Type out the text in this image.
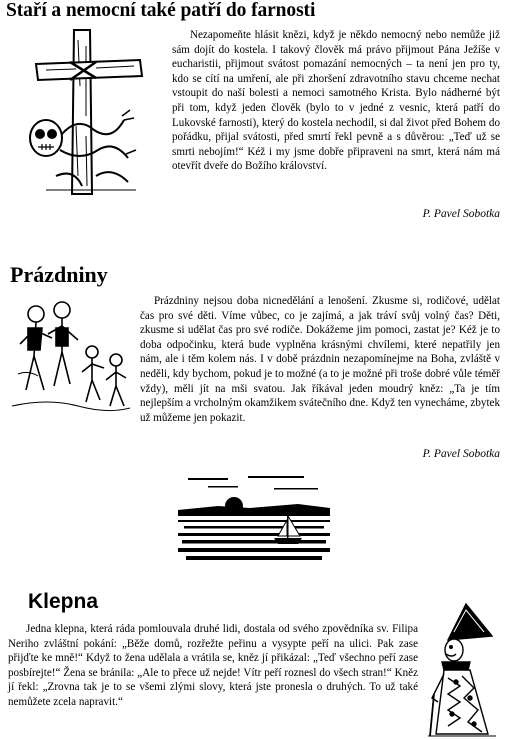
Staří a nemocní také patří do farnosti

Nezapomeňte hlásit knězi, když je někdo nemocný nebo nemůže již sám dojít do kostela. I takový člověk má právo přijmout Pána Ježíše v eucharistii, přijmout svátost pomazání nemocných – ta není jen pro ty, kdo se cítí na umření, ale při zhoršení zdravotního stavu chceme nechat vstoupit do naší bolesti a nemoci samotného Krista. Bylo nádherné být při tom, když jeden člověk (bylo to v jedné z vesnic, která patří do Lukovské farnosti), který do kostela nechodil, si dal život před Bohem do pořádku, přijal svátosti, před smrtí řekl pevně a s důvěrou: „Teď už se smrti nebojím!“ Kéž i my jsme dobře připraveni na smrt, která nám má otevřít dveře do Božího království.

P. Pavel Sobotka

Prázdniny

Prázdniny nejsou doba nicnedělání a lenošení. Zkusme si, rodičové, udělat čas pro své děti. Víme vůbec, co je zajímá, a jak tráví svůj volný čas? Děti, zkusme si udělat čas pro své rodiče. Dokážeme jim pomoci, zastat je? Kéž je to doba odpočinku, která bude vyplněna krásnými chvílemi, které nepatřily jen nám, ale i těm kolem nás. I v době prázdnin nezapomínejme na Boha, zvláště v neděli, kdy bychom, pokud je to možné (a to je možné při troše dobré vůle téměř vždy), měli jít na mši svatou. Jak říkával jeden moudrý kněz: „Ta je tím nejlepším a vrcholným okamžikem svátečního dne. Když ten vynecháme, zbytek už můžeme jen pokazit.

P. Pavel Sobotka

Klepna

Jedna klepna, která ráda pomlouvala druhé lidi, dostala od svého zpovědníka sv. Filipa Neriho zvláštní pokání: „Běže domů, rozřežte peřinu a vysypte peří na ulici. Pak zase přijďte ke mně!“ Když to žena udělala a vrátila se, kněz jí přikázal: „Teď všechno peří zase posbírejte!“ Žena se bránila: „Ale to přece už nejde! Vítr peří roznesl do všech stran!“ Kněz jí řekl: „Zrovna tak je to se všemi zlými slovy, která jste pronesla o druhých. To už také nemůžete zcela napravit.“
